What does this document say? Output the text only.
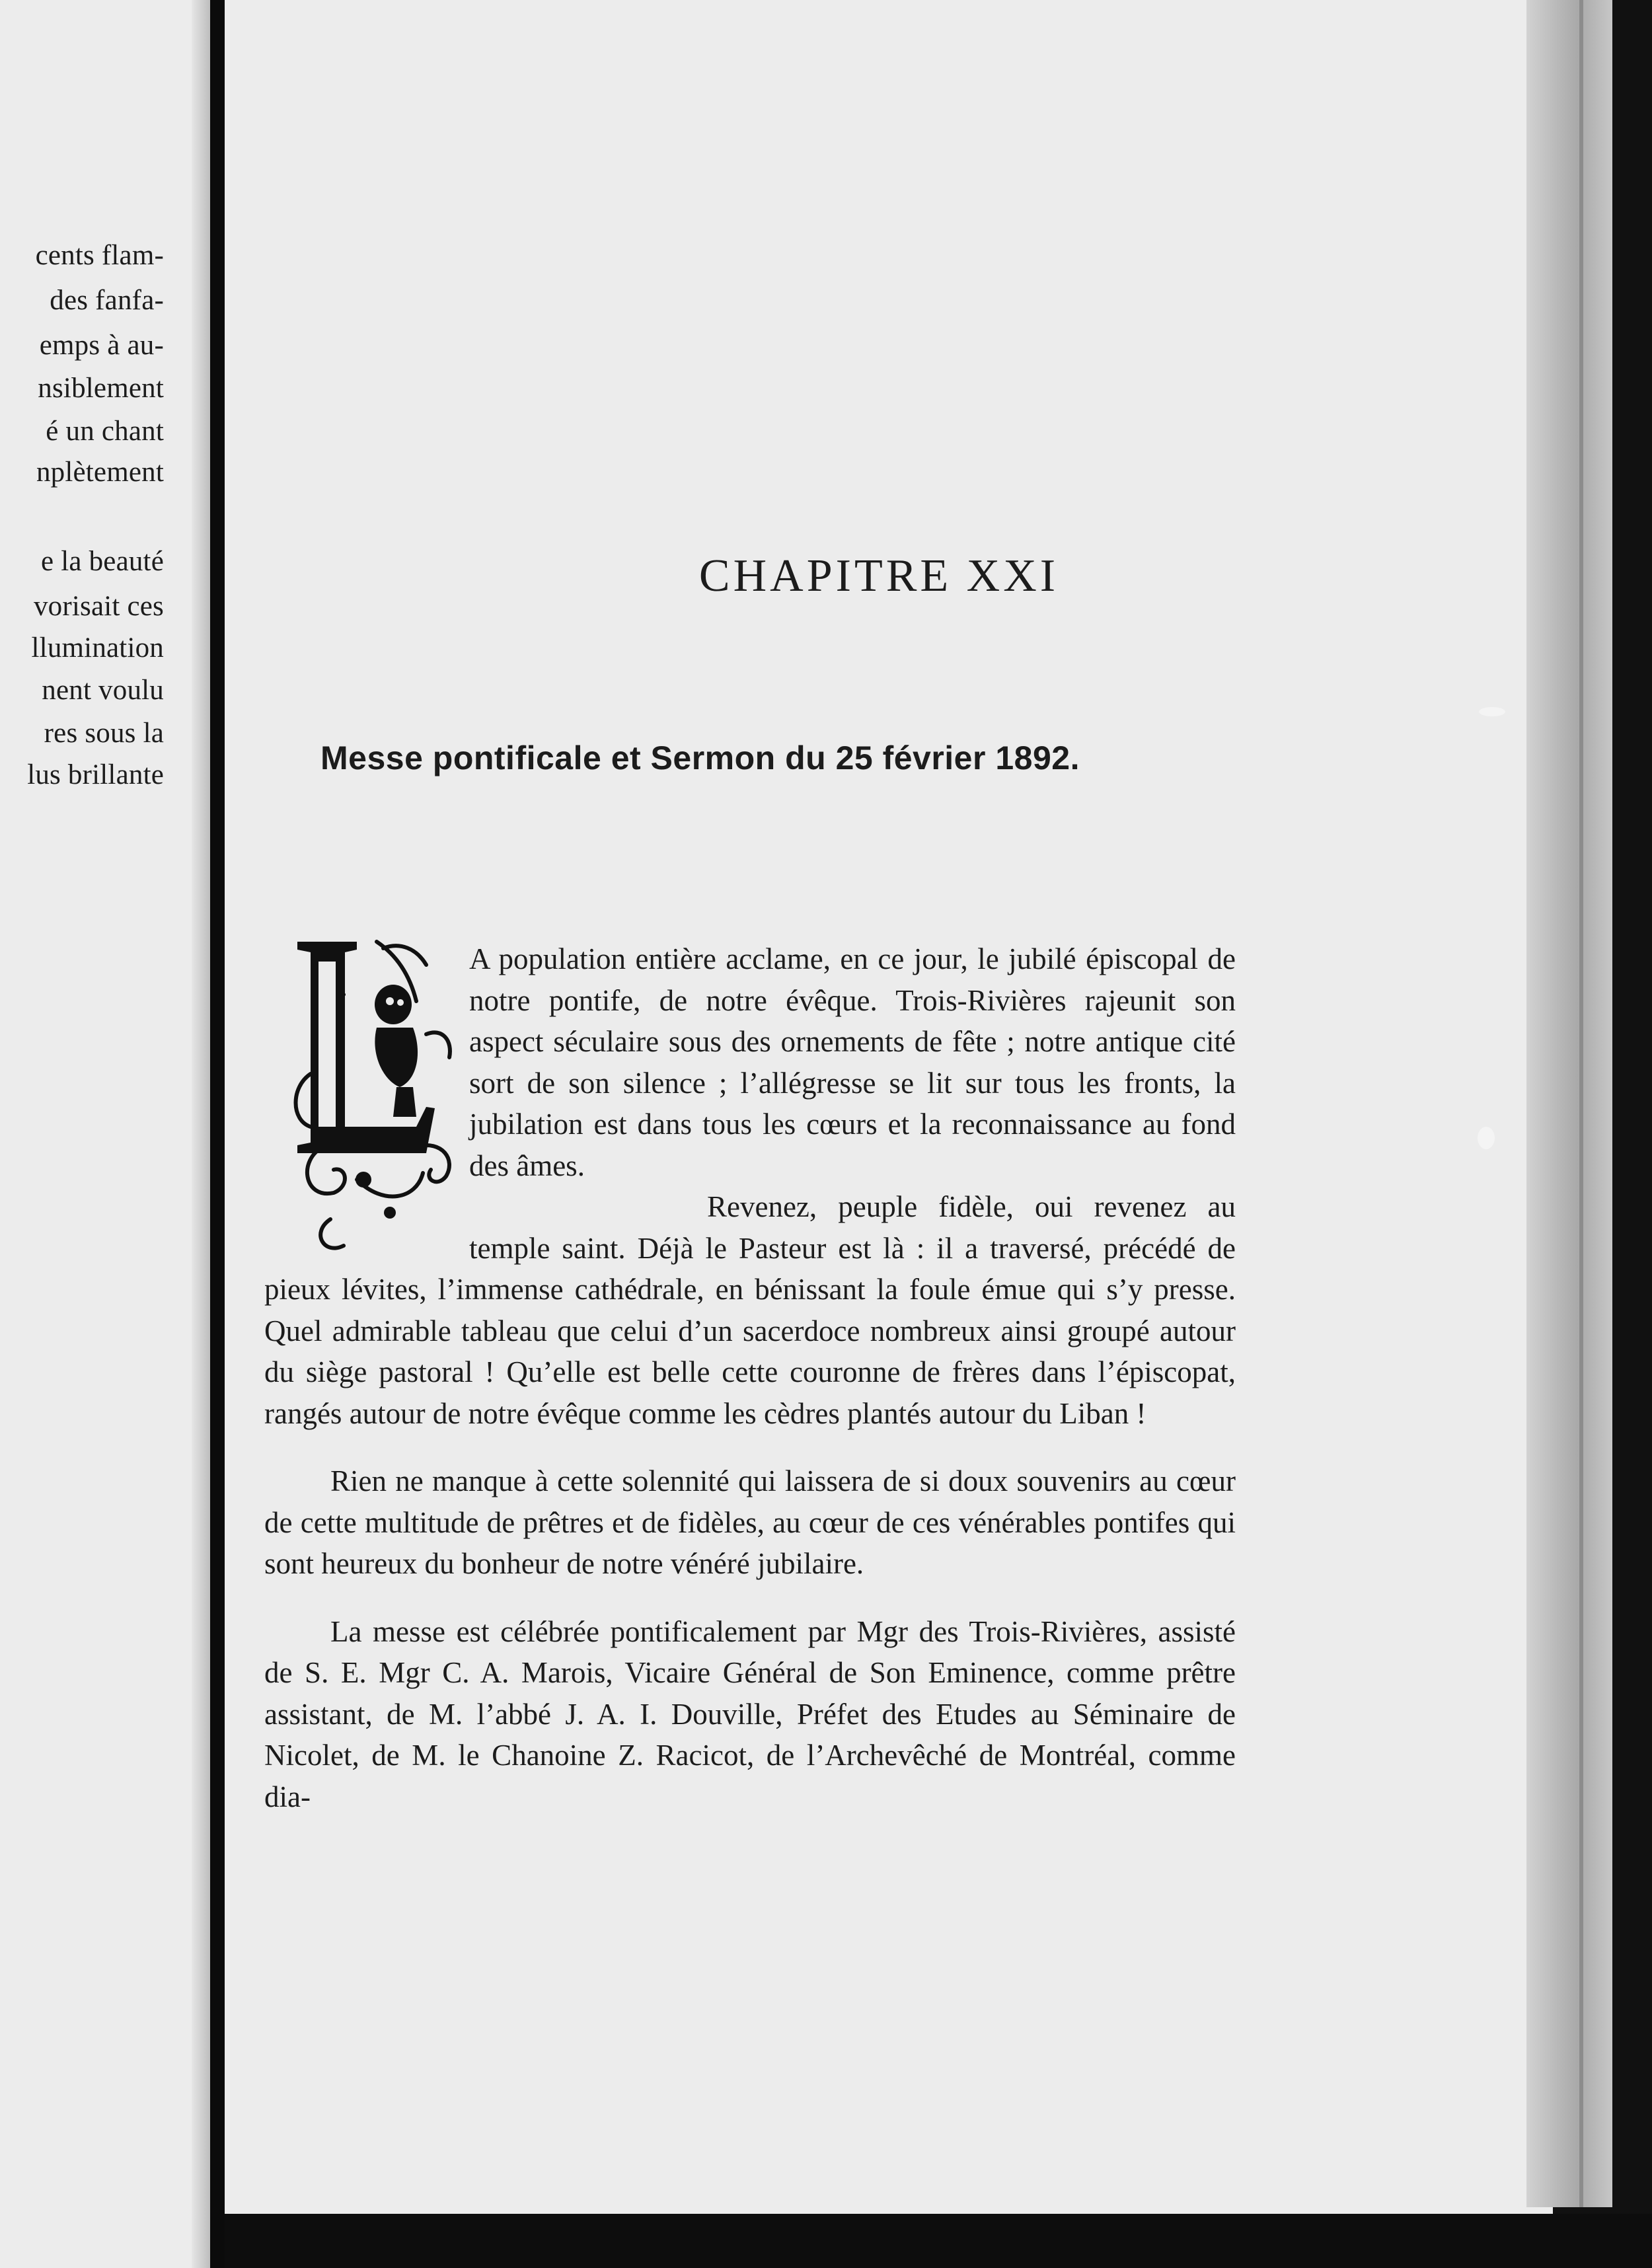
cents flam-

des fanfa-

emps à au-

nsiblement

é un chant

nplètement

e la beauté

vorisait ces

llumination

nent voulu

res sous la

lus brillante

CHAPITRE XXI
Messe pontificale et Sermon du 25 février 1892.

A population entière acclame, en ce jour, le jubilé épiscopal de notre pontife, de notre évêque. Trois-Rivières rajeunit son aspect séculaire sous des ornements de fête ; notre antique cité sort de son silence ; l’allégresse se lit sur tous les fronts, la jubilation est dans tous les cœurs et la reconnaissance au fond des âmes.

Revenez, peuple fidèle, oui revenez au temple saint. Déjà le Pasteur est là : il a traversé, précédé de pieux lévites, l’immense cathédrale, en bénissant la foule émue qui s’y presse. Quel admirable tableau que celui d’un sacerdoce nombreux ainsi groupé autour du siège pastoral ! Qu’elle est belle cette couronne de frères dans l’épiscopat, rangés autour de notre évêque comme les cèdres plantés autour du Liban !

Rien ne manque à cette solennité qui laissera de si doux souvenirs au cœur de cette multitude de prêtres et de fidèles, au cœur de ces vénérables pontifes qui sont heureux du bonheur de notre vénéré jubilaire.

La messe est célébrée pontificalement par Mgr des Trois-Rivières, assisté de S. E. Mgr C. A. Marois, Vicaire Général de Son Eminence, comme prêtre assistant, de M. l’abbé J. A. I. Douville, Préfet des Etudes au Séminaire de Nicolet, de M. le Chanoine Z. Racicot, de l’Archevêché de Montréal, comme dia-
